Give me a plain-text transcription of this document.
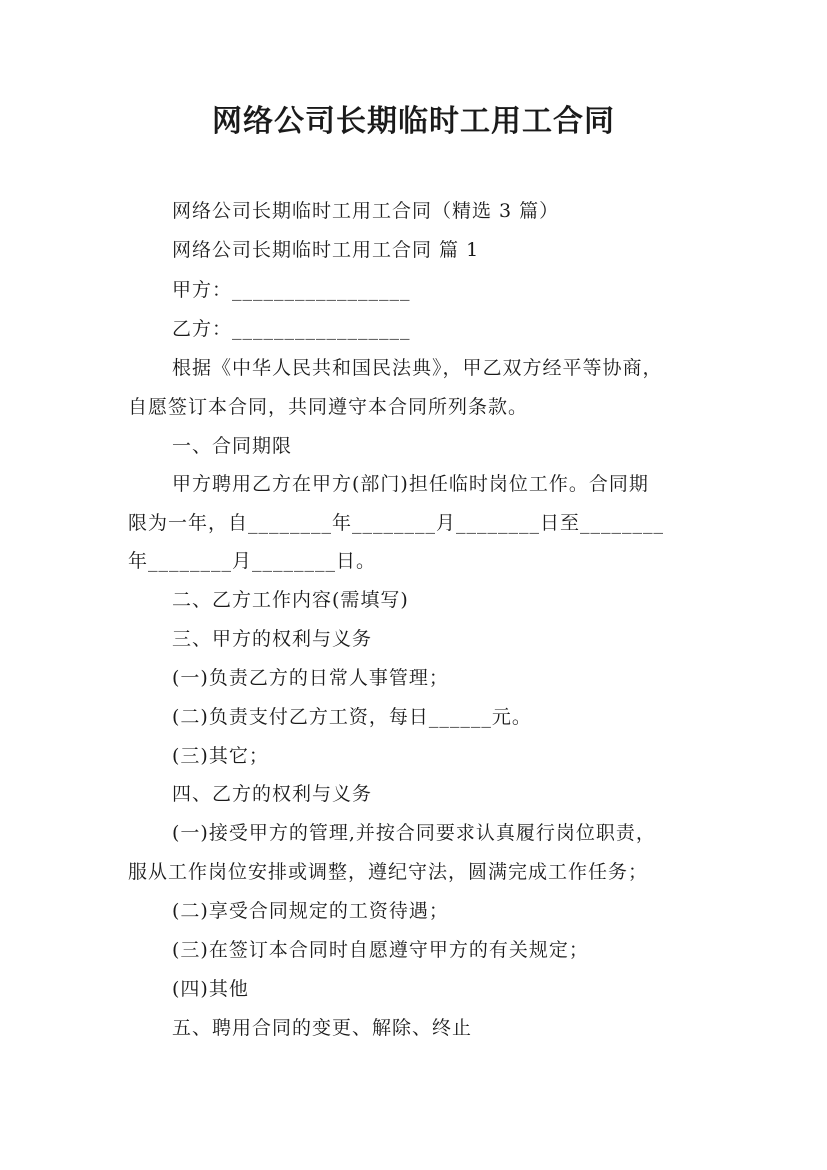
网络公司长期临时工用工合同
网络公司长期临时工用工合同（精选 3 篇）
网络公司长期临时工用工合同 篇 1
甲方：_________________
乙方：_________________
根据《中华人民共和国民法典》，甲乙双方经平等协商，
自愿签订本合同，共同遵守本合同所列条款。
一、合同期限
甲方聘用乙方在甲方(部门)担任临时岗位工作。合同期
限为一年，自________年________月________日至________
年________月________日。
二、乙方工作内容(需填写)
三、甲方的权利与义务
(一)负责乙方的日常人事管理；
(二)负责支付乙方工资，每日______元。
(三)其它；
四、乙方的权利与义务
(一)接受甲方的管理,并按合同要求认真履行岗位职责，
服从工作岗位安排或调整，遵纪守法，圆满完成工作任务；
(二)享受合同规定的工资待遇；
(三)在签订本合同时自愿遵守甲方的有关规定；
(四)其他
五、聘用合同的变更、解除、终止
